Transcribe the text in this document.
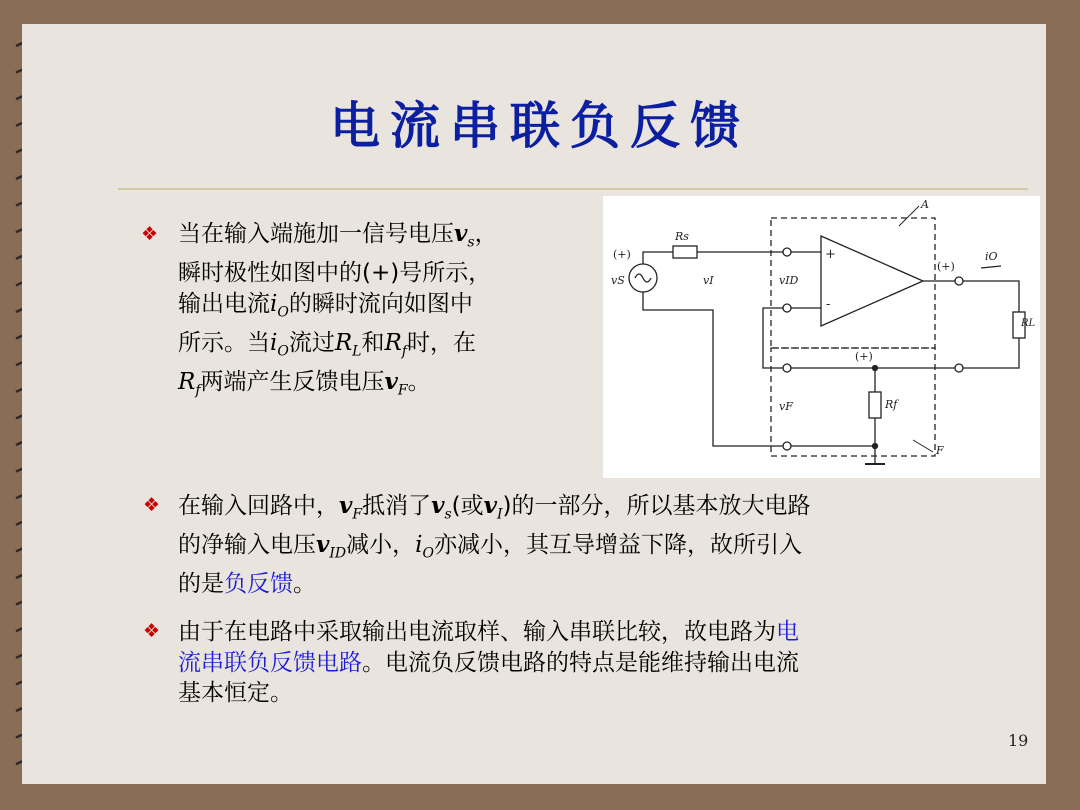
电流串联负反馈
❖ 当在输入端施加一信号电压$v_s$，
瞬时极性如图中的(+)号所示，
输出电流$i_O$的瞬时流向如图中
所示。当$i_O$流过$R_L$和$R_f$时，在
$R_f$两端产生反馈电压$v_F$。
A
F
+
-
(+)
vS
Rs
vI	vID
vF
(+)
iO
RL
(+)
Rf
❖ 在输入回路中，$v_F$抵消了$v_s$(或$v_I$)的一部分，所以基本放大电路
的净输入电压$v_{ID}$减小，$i_O$亦减小，其互导增益下降，故所引入
的是负反馈。
❖ 由于在电路中采取输出电流取样、输入串联比较，故电路为电
流串联负反馈电路。电流负反馈电路的特点是能维持输出电流
基本恒定。
19
